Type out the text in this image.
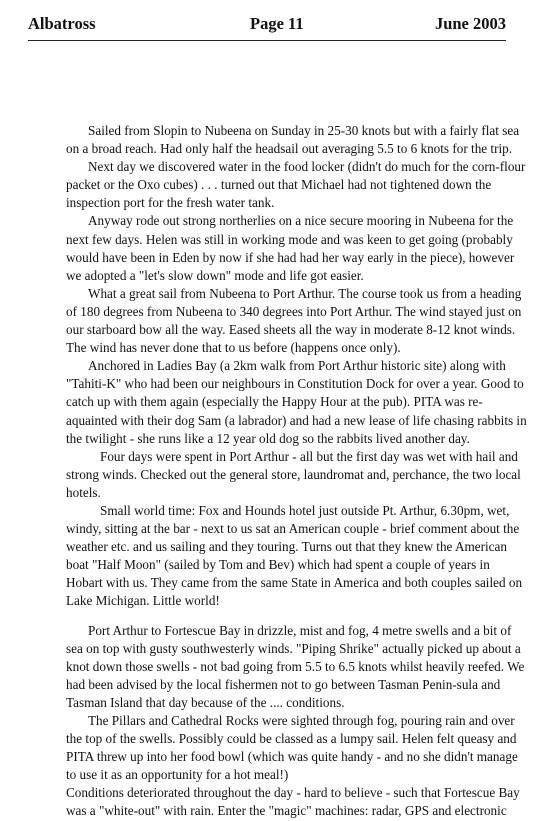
Albatross	Page 11	June 2003

Sailed from Slopin to Nubeena on Sunday in 25-30 knots but with a fairly flat sea on a broad reach. Had only half the headsail out averaging 5.5 to 6 knots for the trip.

Next day we discovered water in the food locker (didn't do much for the corn-flour packet or the Oxo cubes) . . . turned out that Michael had not tightened down the inspection port for the fresh water tank.

Anyway rode out strong northerlies on a nice secure mooring in Nubeena for the next few days. Helen was still in working mode and was keen to get going (probably would have been in Eden by now if she had had her way early in the piece), however we adopted a "let's slow down" mode and life got easier.

What a great sail from Nubeena to Port Arthur. The course took us from a heading of 180 degrees from Nubeena to 340 degrees into Port Arthur. The wind stayed just on our starboard bow all the way. Eased sheets all the way in moderate 8-12 knot winds. The wind has never done that to us before (happens once only).

Anchored in Ladies Bay (a 2km walk from Port Arthur historic site) along with "Tahiti-K" who had been our neighbours in Constitution Dock for over a year. Good to catch up with them again (especially the Happy Hour at the pub). PITA was re-aquainted with their dog Sam (a labrador) and had a new lease of life chasing rabbits in the twilight - she runs like a 12 year old dog so the rabbits lived another day.

Four days were spent in Port Arthur - all but the first day was wet with hail and strong winds. Checked out the general store, laundromat and, perchance, the two local hotels.

Small world time: Fox and Hounds hotel just outside Pt. Arthur, 6.30pm, wet, windy, sitting at the bar - next to us sat an American couple - brief comment about the weather etc. and us sailing and they touring. Turns out that they knew the American boat "Half Moon" (sailed by Tom and Bev) which had spent a couple of years in Hobart with us. They came from the same State in America and both couples sailed on Lake Michigan. Little world!

Port Arthur to Fortescue Bay in drizzle, mist and fog, 4 metre swells and a bit of sea on top with gusty southwesterly winds. "Piping Shrike" actually picked up about a knot down those swells - not bad going from 5.5 to 6.5 knots whilst heavily reefed. We had been advised by the local fishermen not to go between Tasman Penin-sula and Tasman Island that day because of the .... conditions.

The Pillars and Cathedral Rocks were sighted through fog, pouring rain and over the top of the swells. Possibly could be classed as a lumpy sail. Helen felt queasy and PITA threw up into her food bowl (which was quite handy - and no she didn't manage to use it as an opportunity for a hot meal!)

Conditions deteriorated throughout the day - hard to believe - such that Fortescue Bay was a "white-out" with rain. Enter the "magic" machines: radar, GPS and electronic
